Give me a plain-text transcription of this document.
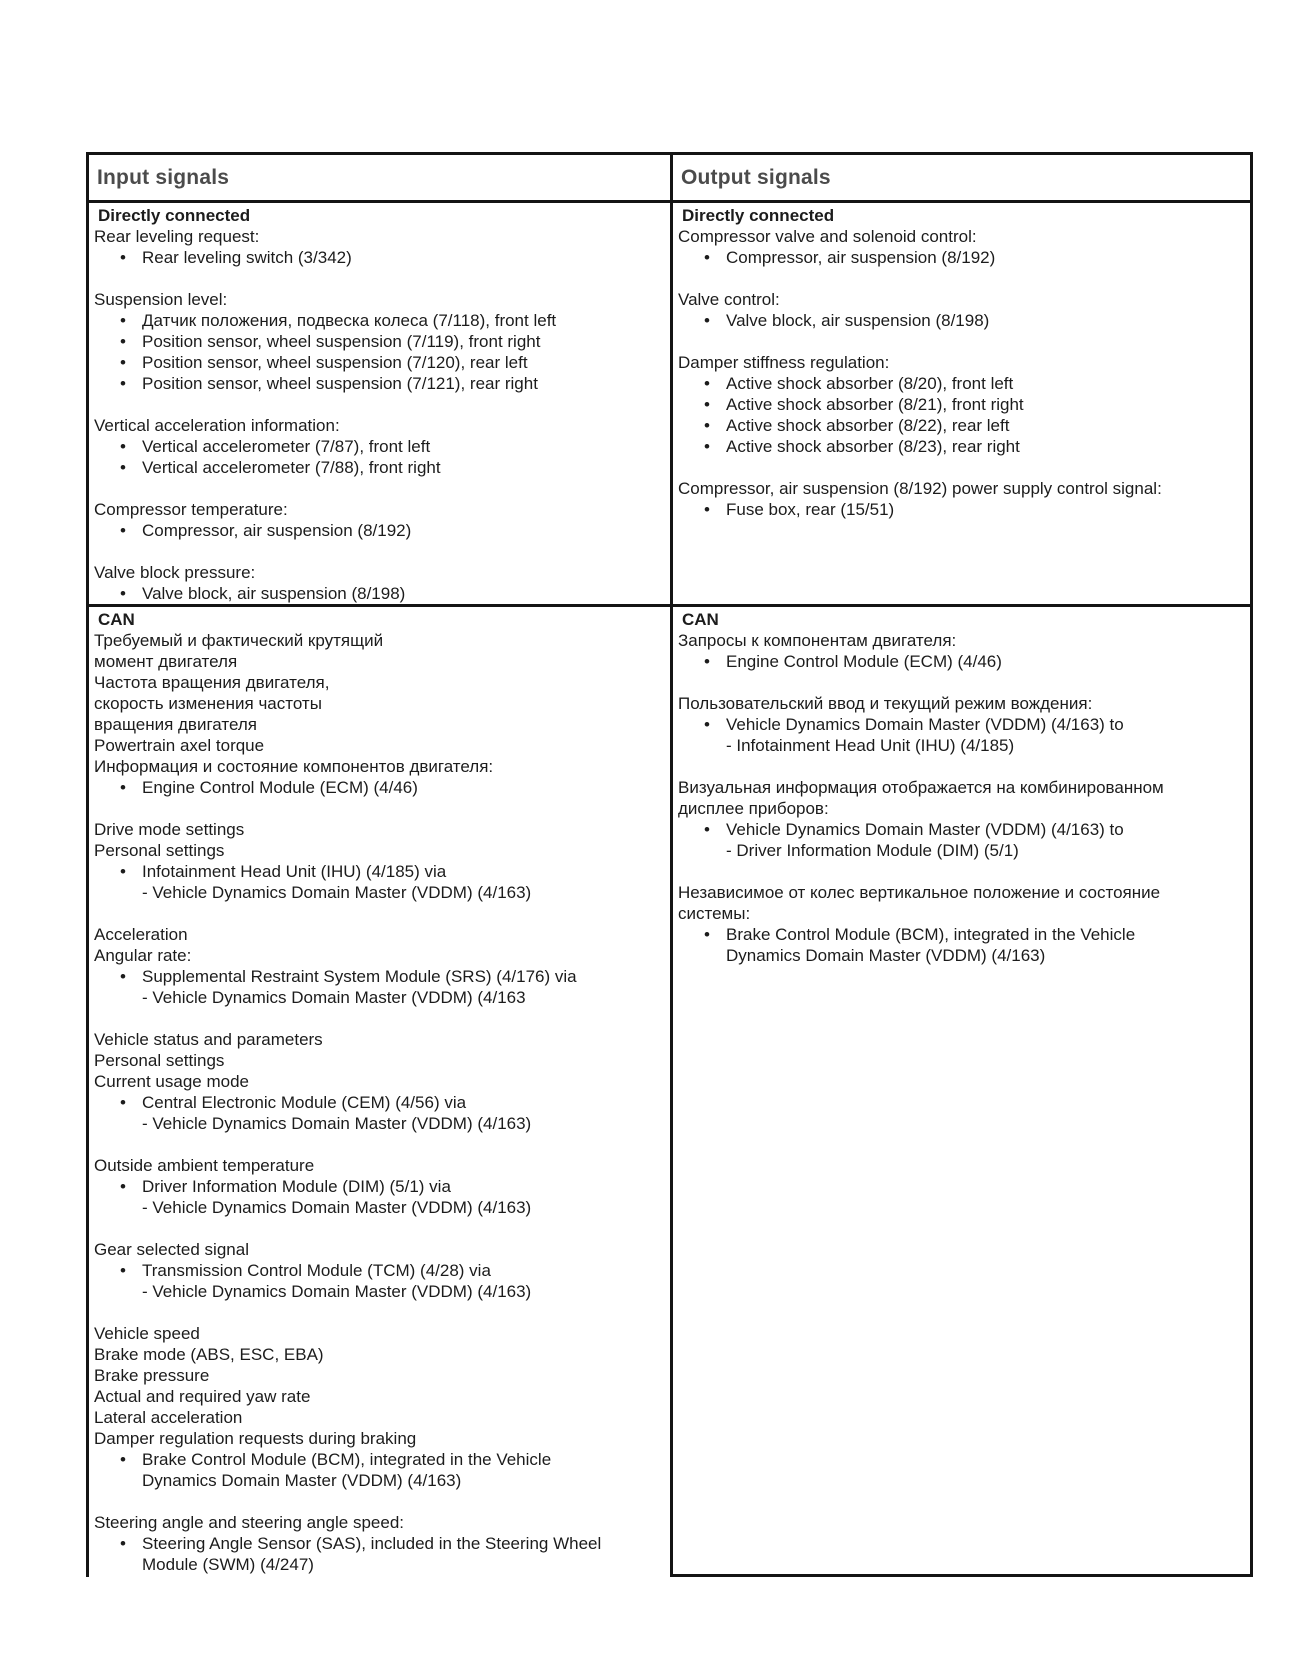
Input signals	Output signals
Directly connected
Rear leveling request:
• Rear leveling switch (3/342)
Suspension level:
• Датчик положения, подвеска колеса (7/118), front left
• Position sensor, wheel suspension (7/119), front right
• Position sensor, wheel suspension (7/120), rear left
• Position sensor, wheel suspension (7/121), rear right
Vertical acceleration information:
• Vertical accelerometer (7/87), front left
• Vertical accelerometer (7/88), front right
Compressor temperature:
• Compressor, air suspension (8/192)
Valve block pressure:
• Valve block, air suspension (8/198)
Directly connected
Compressor valve and solenoid control:
• Compressor, air suspension (8/192)
Valve control:
• Valve block, air suspension (8/198)
Damper stiffness regulation:
• Active shock absorber (8/20), front left
• Active shock absorber (8/21), front right
• Active shock absorber (8/22), rear left
• Active shock absorber (8/23), rear right
Compressor, air suspension (8/192) power supply control signal:
• Fuse box, rear (15/51)
CAN
Требуемый и фактический крутящий
момент двигателя
Частота вращения двигателя,
скорость изменения частоты
вращения двигателя
Powertrain axel torque
Информация и состояние компонентов двигателя:
• Engine Control Module (ECM) (4/46)
Drive mode settings
Personal settings
• Infotainment Head Unit (IHU) (4/185) via
- Vehicle Dynamics Domain Master (VDDM) (4/163)
Acceleration
Angular rate:
• Supplemental Restraint System Module (SRS) (4/176) via
- Vehicle Dynamics Domain Master (VDDM) (4/163
Vehicle status and parameters
Personal settings
Current usage mode
• Central Electronic Module (CEM) (4/56) via
- Vehicle Dynamics Domain Master (VDDM) (4/163)
Outside ambient temperature
• Driver Information Module (DIM) (5/1) via
- Vehicle Dynamics Domain Master (VDDM) (4/163)
Gear selected signal
• Transmission Control Module (TCM) (4/28) via
- Vehicle Dynamics Domain Master (VDDM) (4/163)
Vehicle speed
Brake mode (ABS, ESC, EBA)
Brake pressure
Actual and required yaw rate
Lateral acceleration
Damper regulation requests during braking
• Brake Control Module (BCM), integrated in the Vehicle
Dynamics Domain Master (VDDM) (4/163)
Steering angle and steering angle speed:
• Steering Angle Sensor (SAS), included in the Steering Wheel
Module (SWM) (4/247)
CAN
Запросы к компонентам двигателя:
• Engine Control Module (ECM) (4/46)
Пользовательский ввод и текущий режим вождения:
• Vehicle Dynamics Domain Master (VDDM) (4/163) to
- Infotainment Head Unit (IHU) (4/185)
Визуальная информация отображается на комбинированном
дисплее приборов:
• Vehicle Dynamics Domain Master (VDDM) (4/163) to
- Driver Information Module (DIM) (5/1)
Независимое от колес вертикальное положение и состояние
системы:
• Brake Control Module (BCM), integrated in the Vehicle
Dynamics Domain Master (VDDM) (4/163)
